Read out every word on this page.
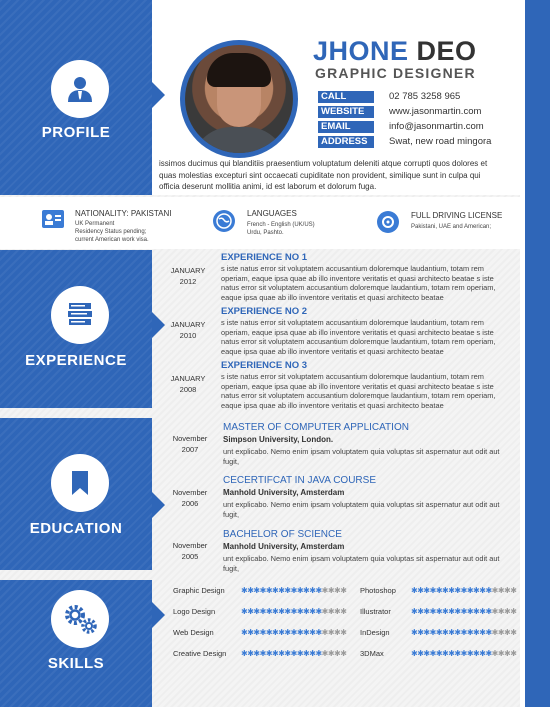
PROFILE
JHONE DEO
GRAPHIC DESIGNER
CALL	02 785 3258 965
WEBSITE	www.jasonmartin.com
EMAIL	info@jasonmartin.com
ADDRESS	Swat, new road mingora
issimos ducimus qui blanditiis praesentium voluptatum deleniti atque corrupti quos dolores et quas molestias excepturi sint occaecati cupiditate non provident, similique sunt in culpa qui officia deserunt mollitia animi, id est laborum et dolorum fuga.
NATIONALITY: PAKISTANI
UK Permanent
Residency Status pending;
current American work visa.
LANGUAGES
French - English (UK/US)
Urdu, Pashto.
FULL DRIVING LICENSE
Pakistani, UAE and American;
EXPERIENCE
JANUARY
2012
EXPERIENCE NO 1
s iste natus error sit voluptatem accusantium doloremque laudantium, totam rem operiam, eaque ipsa quae ab illo inventore veritatis et quasi architecto beatae s iste natus error sit voluptatem accusantium doloremque laudantium, totam rem operiam, eaque ipsa quae ab illo inventore veritatis et quasi architecto beatae
JANUARY
2010
EXPERIENCE NO 2
s iste natus error sit voluptatem accusantium doloremque laudantium, totam rem operiam, eaque ipsa quae ab illo inventore veritatis et quasi architecto beatae s iste natus error sit voluptatem accusantium doloremque laudantium, totam rem operiam, eaque ipsa quae ab illo inventore veritatis et quasi architecto beatae
JANUARY
2008
EXPERIENCE NO 3
s iste natus error sit voluptatem accusantium doloremque laudantium, totam rem operiam, eaque ipsa quae ab illo inventore veritatis et quasi architecto beatae s iste natus error sit voluptatem accusantium doloremque laudantium, totam rem operiam, eaque ipsa quae ab illo inventore veritatis et quasi architecto beatae
EDUCATION
November
2007
MASTER OF COMPUTER APPLICATION
Simpson University, London.
unt explicabo. Nemo enim ipsam voluptatem quia voluptas sit aspernatur aut odit aut fugit,
November
2006
CECERTIFCAT IN JAVA COURSE
Manhold University, Amsterdam
unt explicabo. Nemo enim ipsam voluptatem quia voluptas sit aspernatur aut odit aut fugit,
November
2005
BACHELOR OF SCIENCE
Manhold University, Amsterdam
unt explicabo. Nemo enim ipsam voluptatem quia voluptas sit aspernatur aut odit aut fugit,
SKILLS
Graphic Design ✱✱✱✱✱✱✱✱✱✱✱✱✱✱✱✱✱
Logo Design	✱✱✱✱✱✱✱✱✱✱✱✱✱✱✱✱✱
Web Design	✱✱✱✱✱✱✱✱✱✱✱✱✱✱✱✱✱
Creative Design ✱✱✱✱✱✱✱✱✱✱✱✱✱✱✱✱✱
Photoshop ✱✱✱✱✱✱✱✱✱✱✱✱✱✱✱✱✱
Illustrator	✱✱✱✱✱✱✱✱✱✱✱✱✱✱✱✱✱
InDesign	✱✱✱✱✱✱✱✱✱✱✱✱✱✱✱✱✱
3DMax	✱✱✱✱✱✱✱✱✱✱✱✱✱✱✱✱✱
